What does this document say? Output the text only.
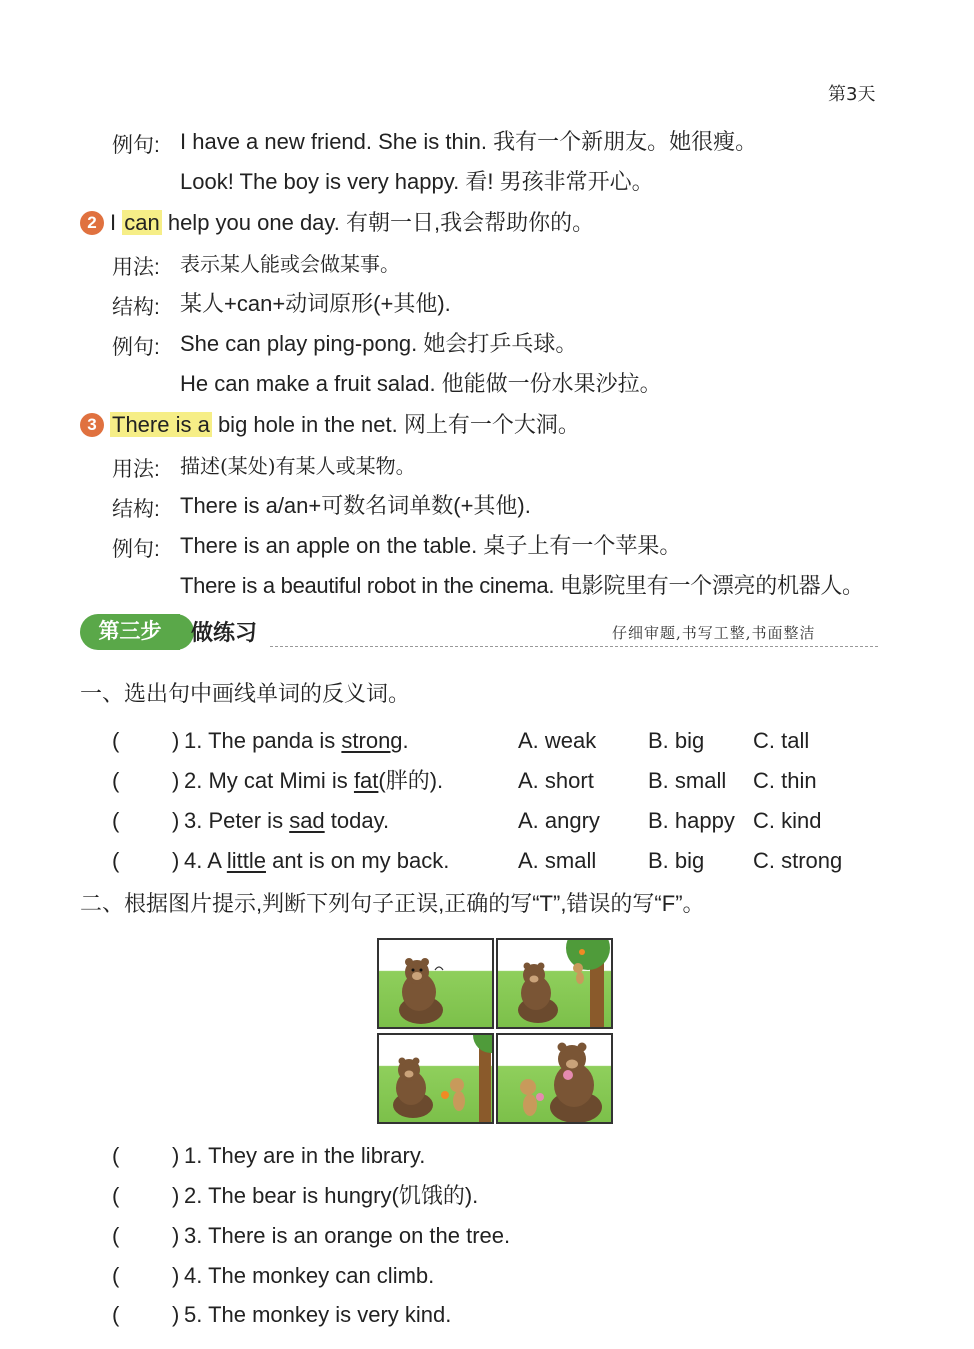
第3天
例句: I have a new friend. She is thin. 我有一个新朋友。她很瘦。
Look! The boy is very happy. 看! 男孩非常开心。
2 I can help you one day. 有朝一日,我会帮助你的。
用法: 表示某人能或会做某事。
结构: 某人+can+动词原形(+其他).
例句: She can play ping-pong. 她会打乒乓球。
He can make a fruit salad. 他能做一份水果沙拉。
3 There is a big hole in the net. 网上有一个大洞。
用法: 描述(某处)有某人或某物。
结构: There is a/an+可数名词单数(+其他).
例句: There is an apple on the table. 桌子上有一个苹果。
There is a beautiful robot in the cinema. 电影院里有一个漂亮的机器人。
第三步	做练习	仔细审题,书写工整,书面整洁
一、选出句中画线单词的反义词。
( ) 1. The panda is strong.	A. weak B. big C. tall
( ) 2. My cat Mimi is fat(胖的).	A. short B. small C. thin
( ) 3. Peter is sad today.	A. angry B. happy C. kind
( ) 4. A little ant is on my back.	A. small B. big C. strong
二、根据图片提示,判断下列句子正误,正确的写“T”,错误的写“F”。
( ) 1. They are in the library.
( ) 2. The bear is hungry(饥饿的).
( ) 3. There is an orange on the tree.
( ) 4. The monkey can climb.
( ) 5. The monkey is very kind.
